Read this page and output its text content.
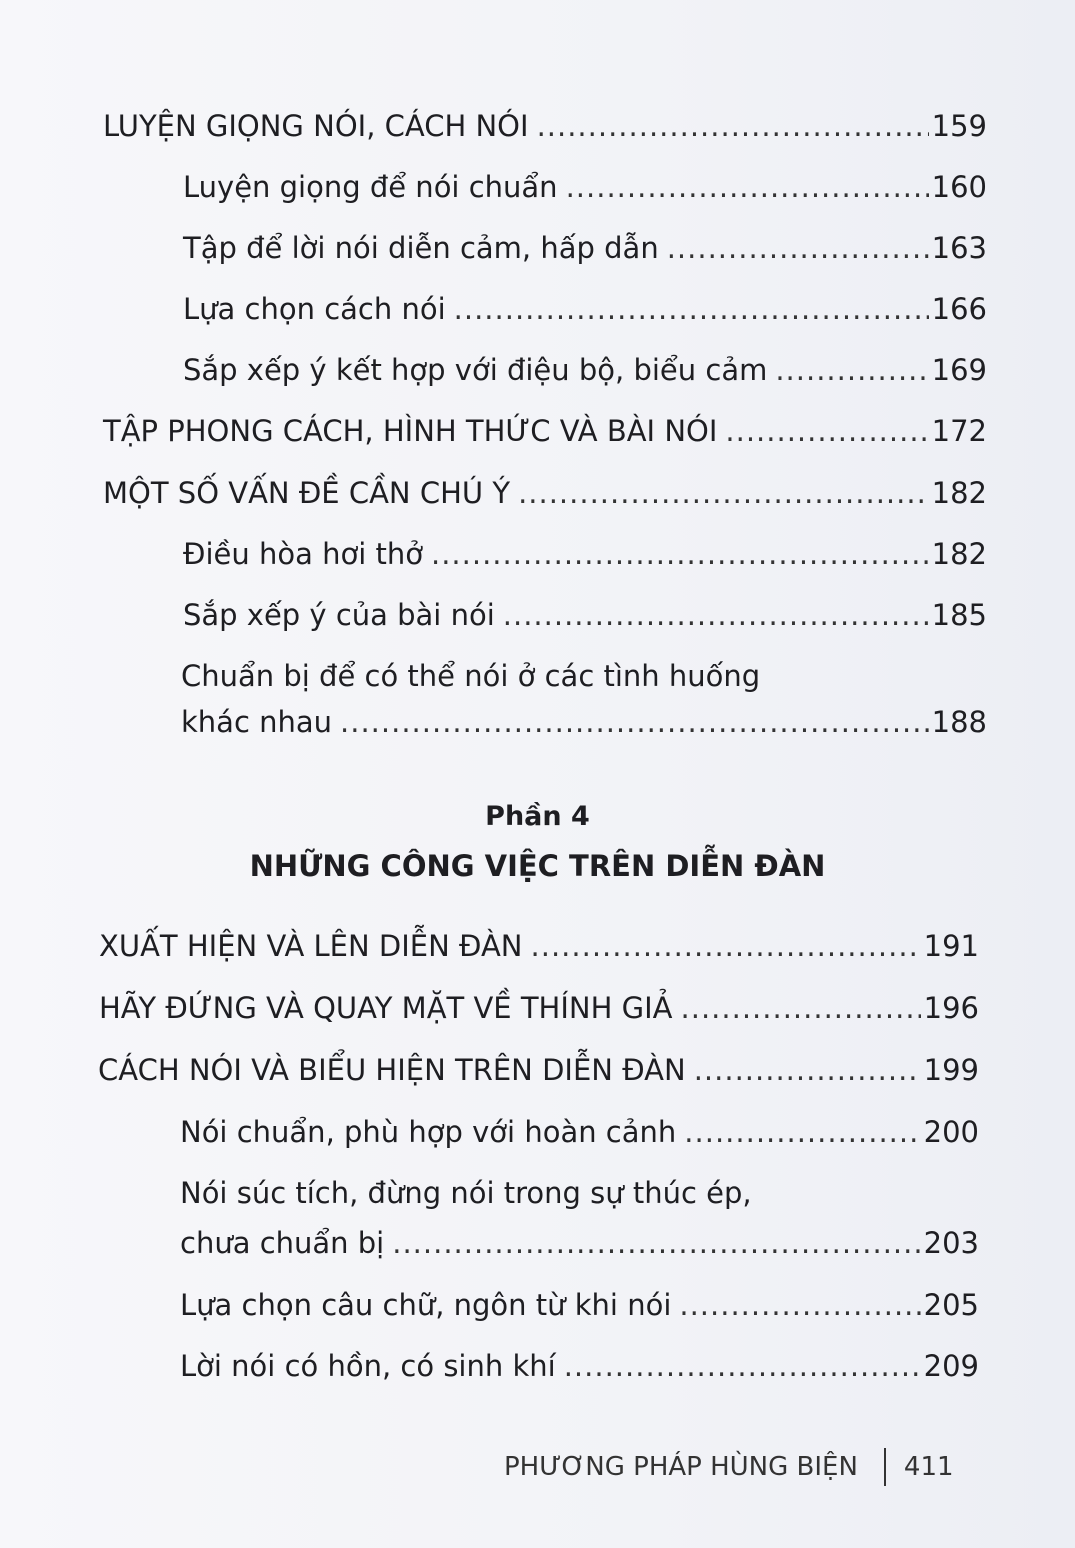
LUYỆN GIỌNG NÓI, CÁCH NÓI .....	159
Luyện giọng để nói chuẩn .....	160
Tập để lời nói diễn cảm, hấp dẫn .....	163
Lựa chọn cách nói .....	166
Sắp xếp ý kết hợp với điệu bộ, biểu cảm .....	169
TẬP PHONG CÁCH, HÌNH THỨC VÀ BÀI NÓI .....	172
MỘT SỐ VẤN ĐỀ CẦN CHÚ Ý .....	182
Điều hòa hơi thở .....	182
Sắp xếp ý của bài nói .....	185
Chuẩn bị để có thể nói ở các tình huống
khác nhau .....	188
Phần 4
NHỮNG CÔNG VIỆC TRÊN DIỄN ĐÀN
XUẤT HIỆN VÀ LÊN DIỄN ĐÀN .....	191
HÃY ĐỨNG VÀ QUAY MẶT VỀ THÍNH GIẢ .....	196
CÁCH NÓI VÀ BIỂU HIỆN TRÊN DIỄN ĐÀN .....	199
Nói chuẩn, phù hợp với hoàn cảnh .....	200
Nói súc tích, đừng nói trong sự thúc ép,
chưa chuẩn bị .....	203
Lựa chọn câu chữ, ngôn từ khi nói .....	205
Lời nói có hồn, có sinh khí .....	209
PHƯƠNG PHÁP HÙNG BIỆN 411
